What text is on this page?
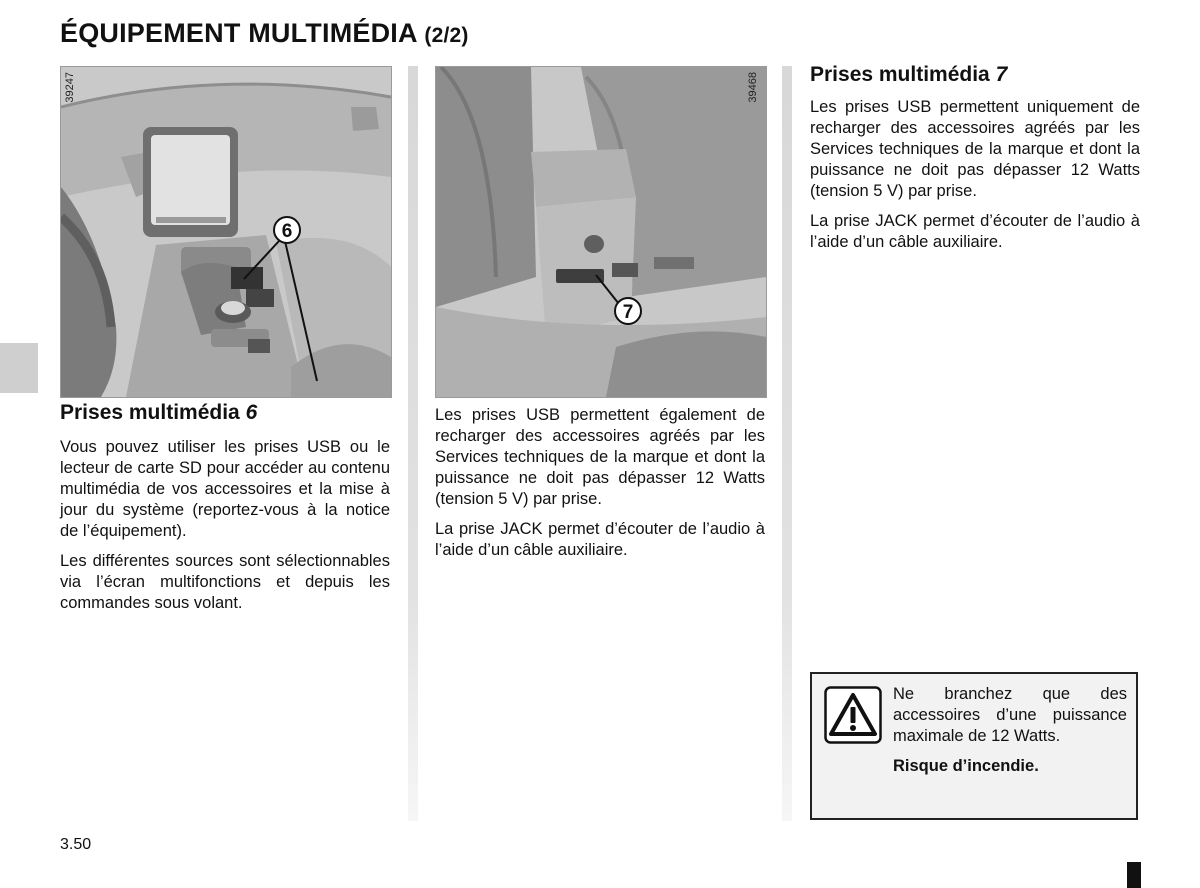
ÉQUIPEMENT MULTIMÉDIA (2/2)
6
39247
7
39468
Prises multimédia 6

Vous pouvez utiliser les prises USB ou le lecteur de carte SD pour accéder au contenu multimédia de vos accessoires et la mise à jour du système (reportez-vous à la notice de l’équipement).

Les différentes sources sont sélectionnables via l’écran multifonctions et depuis les commandes sous volant.

Les prises USB permettent également de recharger des accessoires agréés par les Services techniques de la marque et dont la puissance ne doit pas dépasser 12 Watts (tension 5 V) par prise.

La prise JACK permet d’écouter de l’audio à l’aide d’un câble auxiliaire.

Prises multimédia 7

Les prises USB permettent uniquement de recharger des accessoires agréés par les Services techniques de la marque et dont la puissance ne doit pas dépasser 12 Watts (tension 5 V) par prise.

La prise JACK permet d’écouter de l’audio à l’aide d’un câble auxiliaire.

Ne branchez que des accessoires d’une puissance maximale de 12 Watts.

Risque d’incendie.

3.50
